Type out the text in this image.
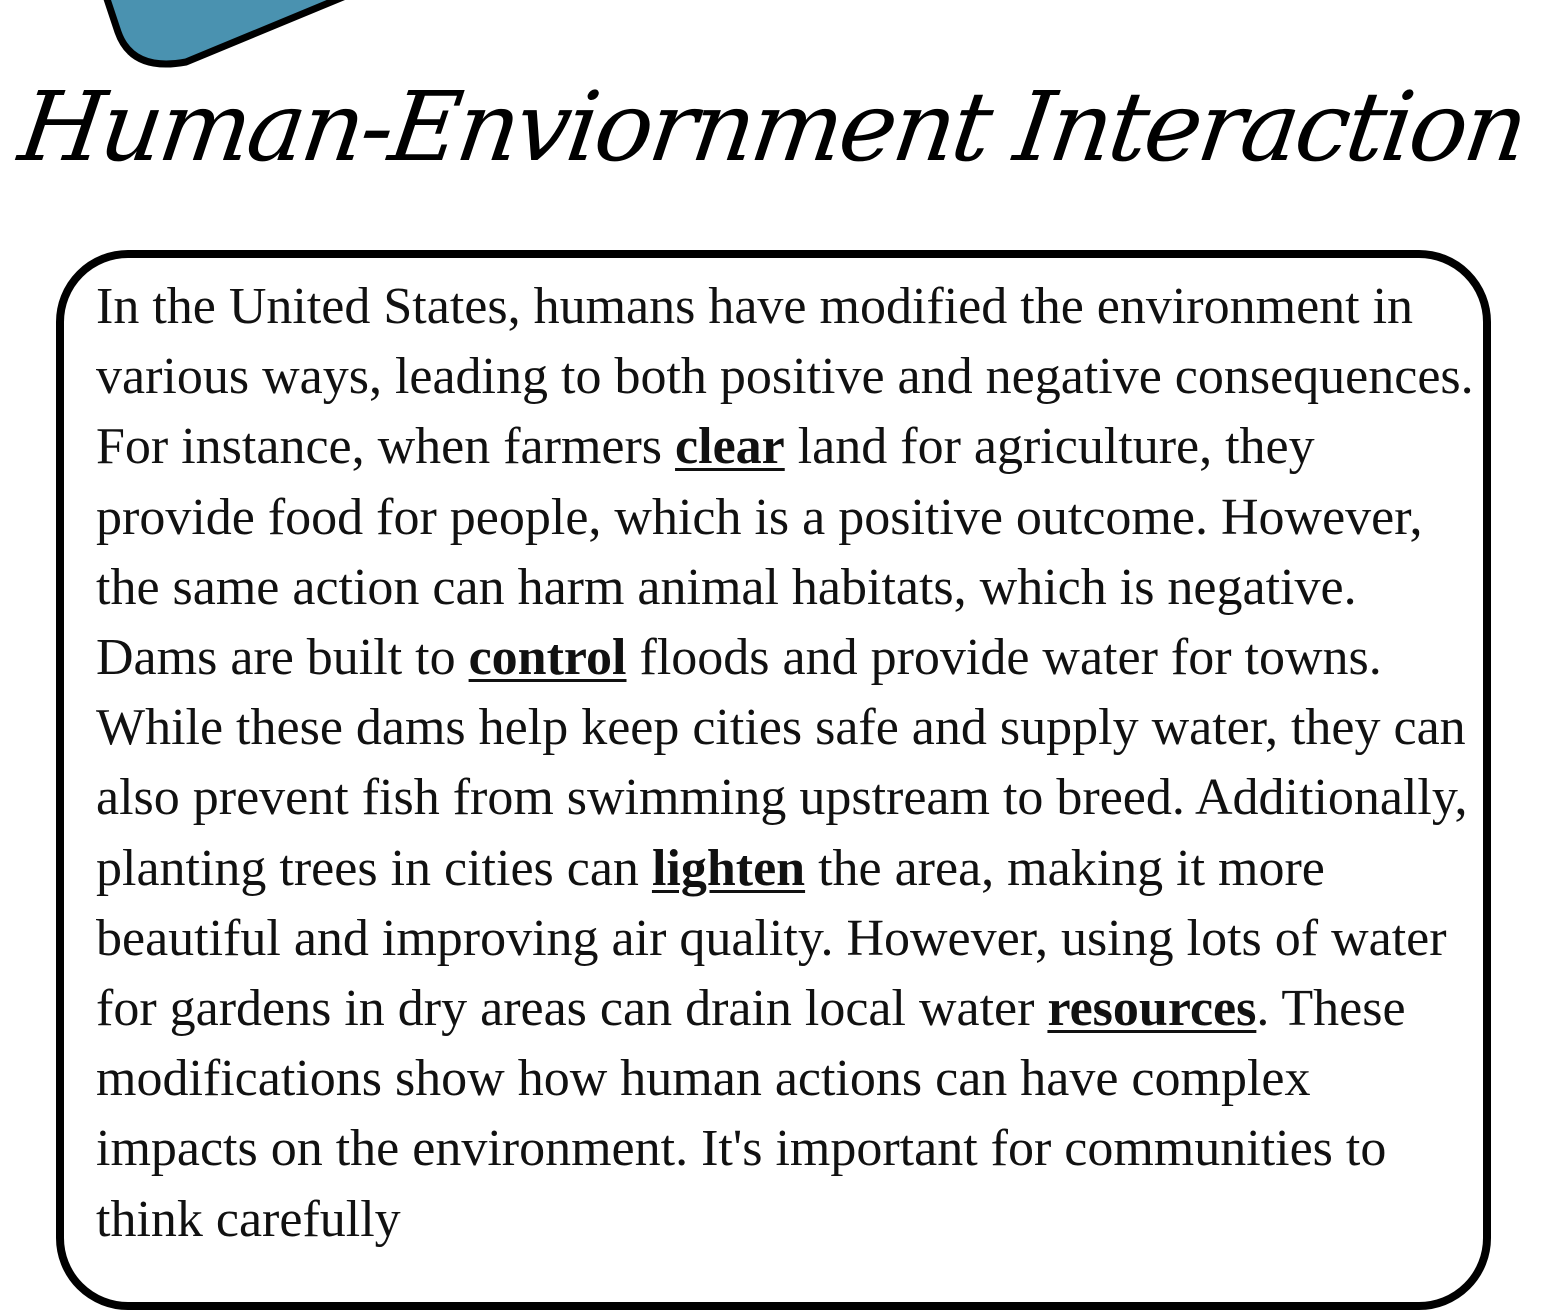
Human-Enviornment Interaction

In the United States, humans have modified the environment in various ways, leading to both positive and negative consequences. For instance, when farmers clear land for agriculture, they provide food for people, which is a positive outcome. However, the same action can harm animal habitats, which is negative. Dams are built to control floods and provide water for towns. While these dams help keep cities safe and supply water, they can also prevent fish from swimming upstream to breed. Additionally, planting trees in cities can lighten the area, making it more beautiful and improving air quality. However, using lots of water for gardens in dry areas can drain local water resources. These modifications show how human actions can have complex impacts on the environment. It's important for communities to think carefully
